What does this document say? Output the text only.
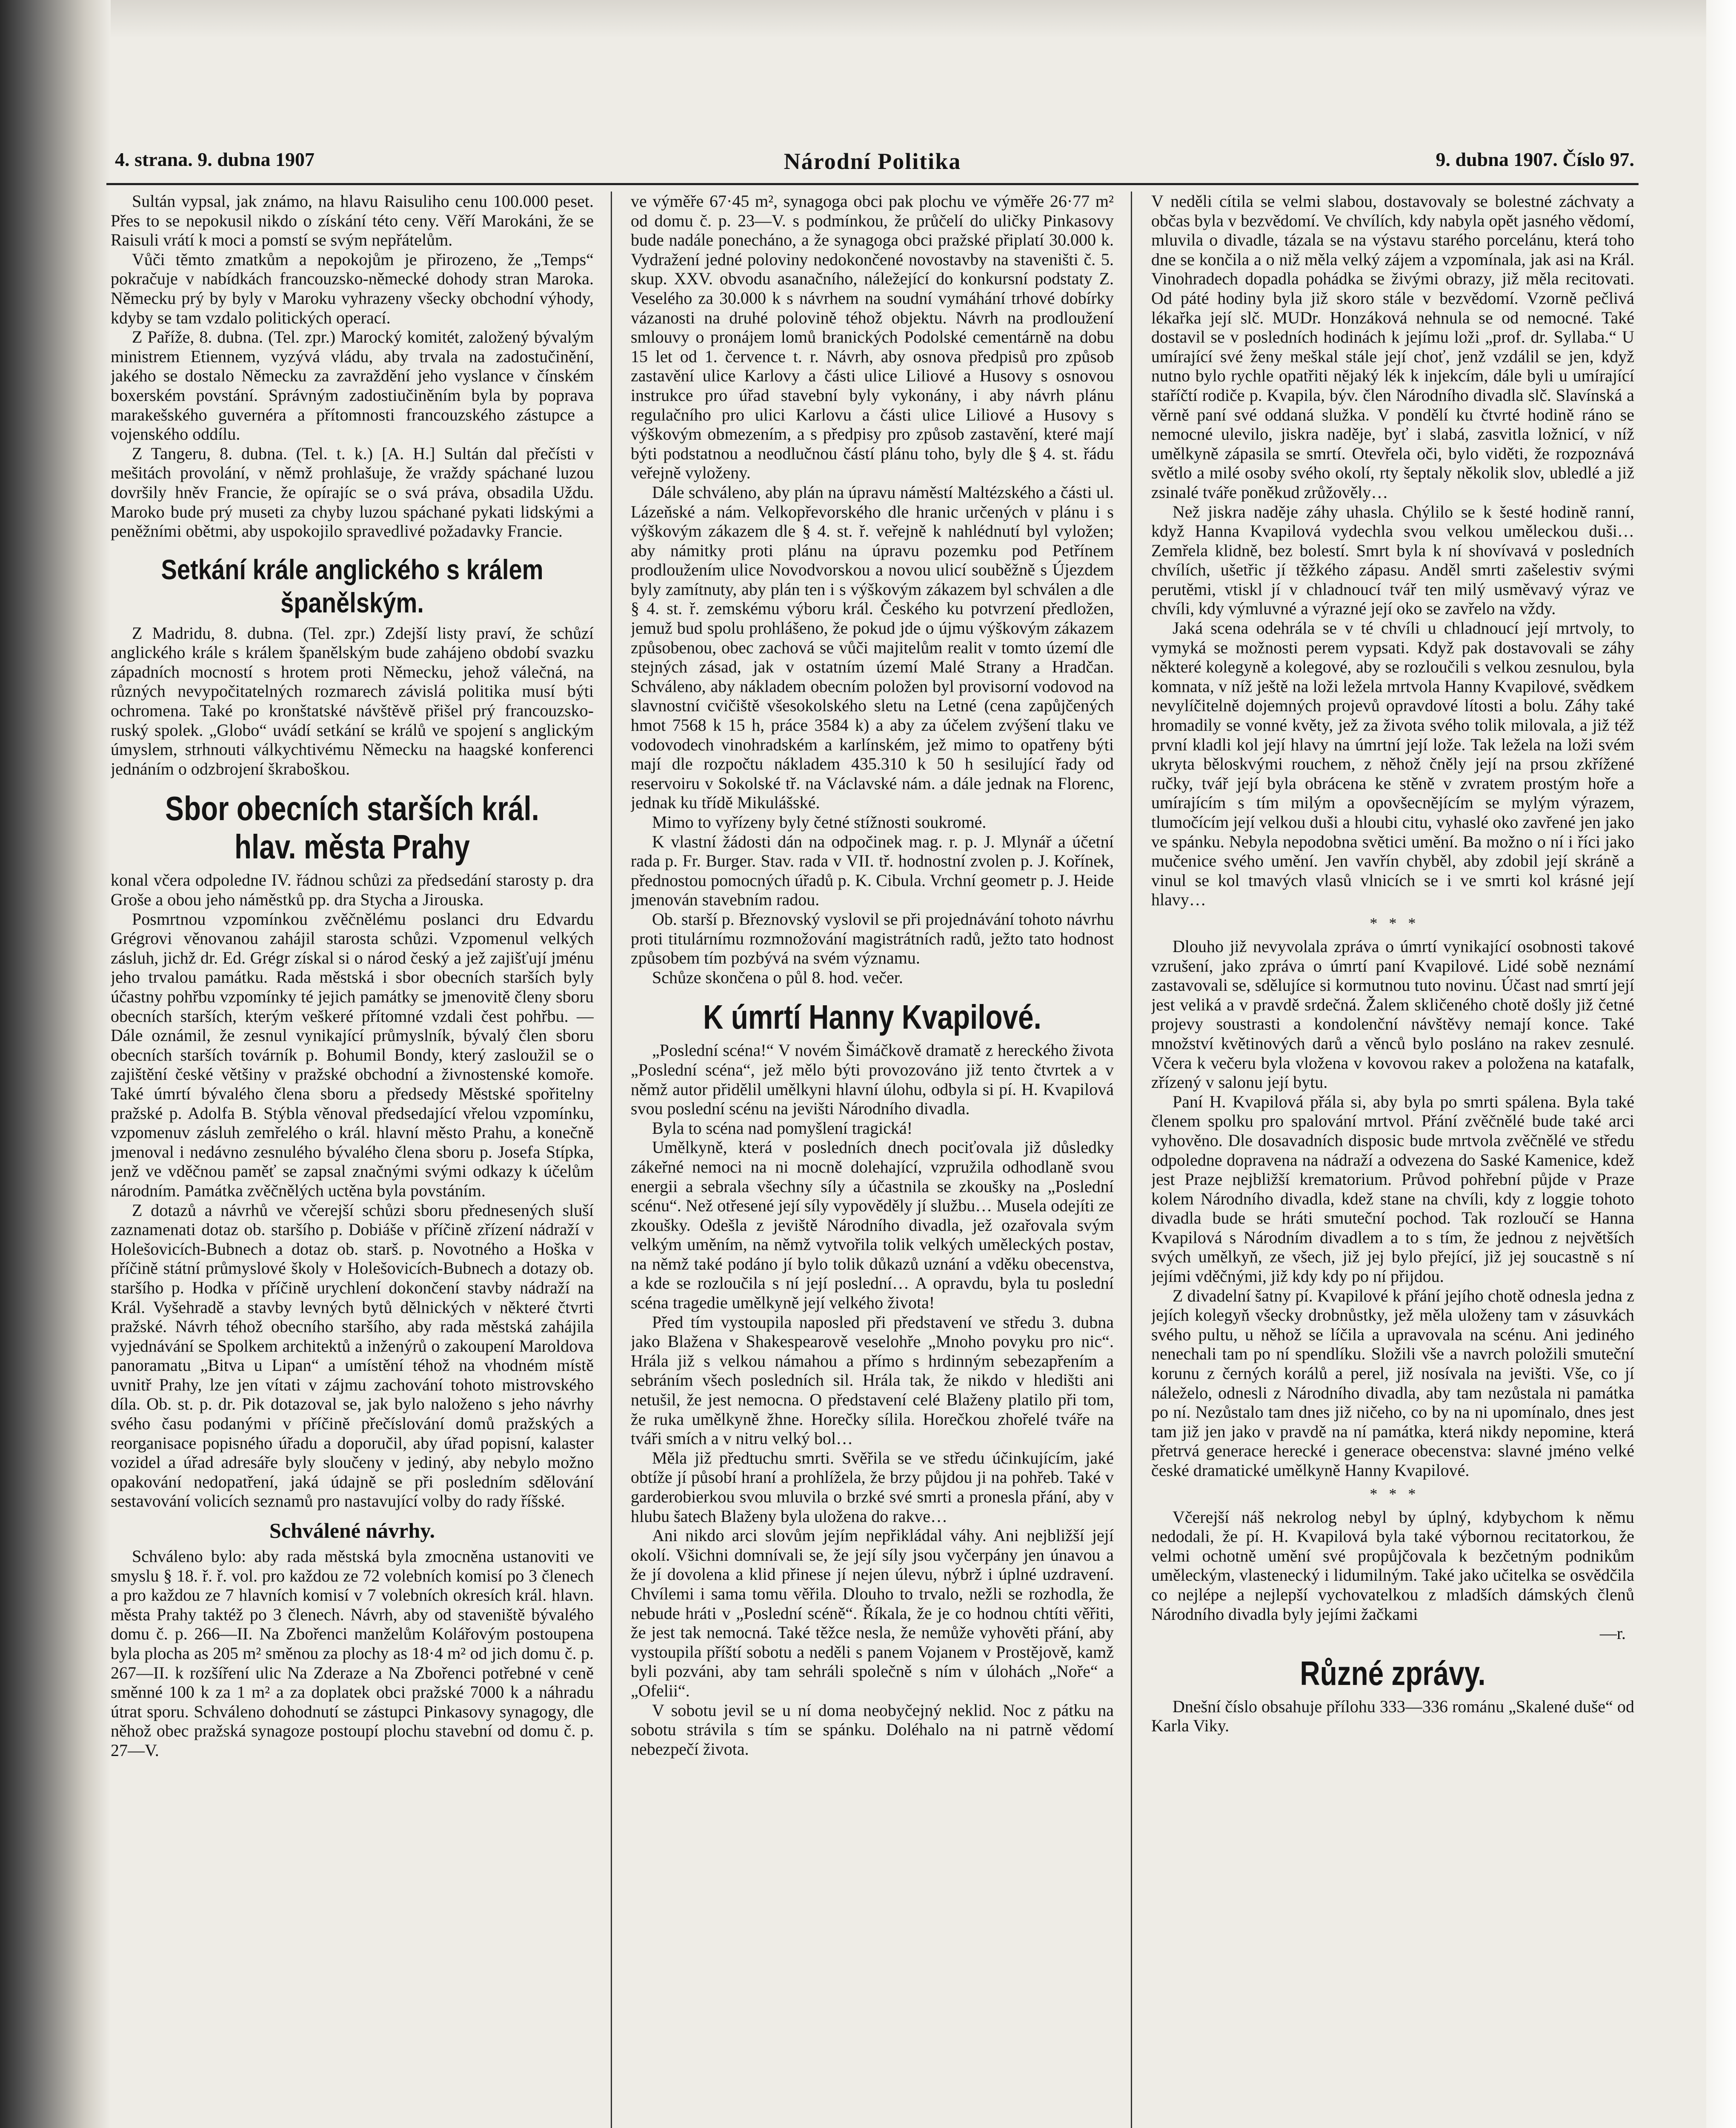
4. strana. 9. dubna 1907	Národní Politika	9. dubna 1907. Číslo 97.

Sultán vypsal, jak známo, na hlavu Raisuliho cenu 100.000 peset. Přes to se nepokusil nikdo o získání této ceny. Věří Marokáni, že se Raisuli vrátí k moci a pomstí se svým nepřátelům.

Vůči těmto zmatkům a nepokojům je přirozeno, že „Temps“ pokračuje v nabídkách francouzsko-německé dohody stran Maroka. Německu prý by byly v Maroku vyhrazeny všecky obchodní výhody, kdyby se tam vzdalo politických operací.

Z Paříže, 8. dubna. (Tel. zpr.) Marocký komitét, založený bývalým ministrem Etiennem, vyzývá vládu, aby trvala na zadostučinění, jakého se dostalo Německu za zavraždění jeho vyslance v čínském boxerském povstání. Správným zadostiučiněním byla by poprava marakešského guvernéra a přítomnosti francouzského zástupce a vojenského oddílu.

Z Tangeru, 8. dubna. (Tel. t. k.) [A. H.] Sultán dal přečísti v mešitách provolání, v němž prohlašuje, že vraždy spáchané luzou dovršily hněv Francie, že opírajíc se o svá práva, obsadila Uždu. Maroko bude prý museti za chyby luzou spáchané pykati lidskými a peněžními obětmi, aby uspokojilo spravedlivé požadavky Francie.

Setkání krále anglického s králem španělským.

Z Madridu, 8. dubna. (Tel. zpr.) Zdejší listy praví, že schůzí anglického krále s králem španělským bude zahájeno období svazku západních mocností s hrotem proti Německu, jehož válečná, na různých nevypočitatelných rozmarech závislá politika musí býti ochromena. Také po kronštatské návštěvě přišel prý francouzsko-ruský spolek. „Globo“ uvádí setkání se králů ve spojení s anglickým úmyslem, strhnouti válkychtivému Německu na haagské konferenci jednáním o odzbrojení škraboškou.

Sbor obecních starších král. hlav. města Prahy

konal včera odpoledne IV. řádnou schůzi za předsedání starosty p. dra Groše a obou jeho náměstků pp. dra Stycha a Jirouska.

Posmrtnou vzpomínkou zvěčnělému poslanci dru Edvardu Grégrovi věnovanou zahájil starosta schůzi. Vzpomenul velkých zásluh, jichž dr. Ed. Grégr získal si o národ český a jež zajišťují jménu jeho trvalou památku. Rada městská i sbor obecních starších byly účastny pohřbu vzpomínky té jejich památky se jmenovitě členy sboru obecních starších, kterým veškeré přítomné vzdali čest pohřbu. — Dále oznámil, že zesnul vynikající průmyslník, bývalý člen sboru obecních starších továrník p. Bohumil Bondy, který zasloužil se o zajištění české většiny v pražské obchodní a živnostenské komoře. Také úmrtí bývalého člena sboru a předsedy Městské spořitelny pražské p. Adolfa B. Stýbla věnoval předsedající vřelou vzpomínku, vzpomenuv zásluh zemřelého o král. hlavní město Prahu, a konečně jmenoval i nedávno zesnulého bývalého člena sboru p. Josefa Stípka, jenž ve vděčnou paměť se zapsal značnými svými odkazy k účelům národním. Památka zvěčnělých uctěna byla povstáním.

Z dotazů a návrhů ve včerejší schůzi sboru přednesených sluší zaznamenati dotaz ob. staršího p. Dobiáše v příčině zřízení nádraží v Holešovicích-Bubnech a dotaz ob. starš. p. Novotného a Hoška v příčině státní průmyslové školy v Holešovicích-Bubnech a dotazy ob. staršího p. Hodka v příčině urychlení dokončení stavby nádraží na Král. Vyšehradě a stavby levných bytů dělnických v některé čtvrti pražské. Návrh téhož obecního staršího, aby rada městská zahájila vyjednávání se Spolkem architektů a inženýrů o zakoupení Maroldova panoramatu „Bitva u Lipan“ a umístění téhož na vhodném místě uvnitř Prahy, lze jen vítati v zájmu zachování tohoto mistrovského díla. Ob. st. p. dr. Pik dotazoval se, jak bylo naloženo s jeho návrhy svého času podanými v příčině přečíslování domů pražských a reorganisace popisného úřadu a doporučil, aby úřad popisní, kalaster vozidel a úřad adresáře byly sloučeny v jediný, aby nebylo možno opakování nedopatření, jaká údajně se při posledním sdělování sestavování volicích seznamů pro nastavující volby do rady říšské.

Schválené návrhy.

Schváleno bylo: aby rada městská byla zmocněna ustanoviti ve smyslu § 18. ř. ř. vol. pro každou ze 72 volebních komisí po 3 členech a pro každou ze 7 hlavních komisí v 7 volebních okresích král. hlavn. města Prahy taktéž po 3 členech. Návrh, aby od staveniště bývalého domu č. p. 266—II. Na Zbořenci manželům Kolářovým postoupena byla plocha as 205 m² směnou za plochy as 18·4 m² od jich domu č. p. 267—II. k rozšíření ulic Na Zderaze a Na Zbořenci potřebné v ceně směnné 100 k za 1 m² a za doplatek obci pražské 7000 k a náhradu útrat sporu. Schváleno dohodnutí se zástupci Pinkasovy synagogy, dle něhož obec pražská synagoze postoupí plochu stavební od domu č. p. 27—V.

ve výměře 67·45 m², synagoga obci pak plochu ve výměře 26·77 m² od domu č. p. 23—V. s podmínkou, že průčelí do uličky Pinkasovy bude nadále ponecháno, a že synagoga obci pražské připlatí 30.000 k. Vydražení jedné poloviny nedokončené novostavby na staveništi č. 5. skup. XXV. obvodu asanačního, náležející do konkursní podstaty Z. Veselého za 30.000 k s návrhem na soudní vymáhání trhové dobírky vázanosti na druhé polovině téhož objektu. Návrh na prodloužení smlouvy o pronájem lomů branických Podolské cementárně na dobu 15 let od 1. července t. r. Návrh, aby osnova předpisů pro způsob zastavění ulice Karlovy a části ulice Liliové a Husovy s osnovou instrukce pro úřad stavební byly vykonány, i aby návrh plánu regulačního pro ulici Karlovu a části ulice Liliové a Husovy s výškovým obmezením, a s předpisy pro způsob zastavění, které mají býti podstatnou a neodlučnou částí plánu toho, byly dle § 4. st. řádu veřejně vyloženy.

Dále schváleno, aby plán na úpravu náměstí Maltézského a části ul. Lázeňské a nám. Velkopřevorského dle hranic určených v plánu i s výškovým zákazem dle § 4. st. ř. veřejně k nahlédnutí byl vyložen; aby námitky proti plánu na úpravu pozemku pod Petřínem prodloužením ulice Novodvorskou a novou ulicí souběžně s Újezdem byly zamítnuty, aby plán ten i s výškovým zákazem byl schválen a dle § 4. st. ř. zemskému výboru král. Českého ku potvrzení předložen, jemuž bud spolu prohlášeno, že pokud jde o újmu výškovým zákazem způsobenou, obec zachová se vůči majitelům realit v tomto území dle stejných zásad, jak v ostatním území Malé Strany a Hradčan. Schváleno, aby nákladem obecním položen byl provisorní vodovod na slavnostní cvičiště všesokolského sletu na Letné (cena zapůjčených hmot 7568 k 15 h, práce 3584 k) a aby za účelem zvýšení tlaku ve vodovodech vinohradském a karlínském, jež mimo to opatřeny býti mají dle rozpočtu nákladem 435.310 k 50 h sesilující řady od reservoiru v Sokolské tř. na Václavské nám. a dále jednak na Florenc, jednak ku třídě Mikulášské.

Mimo to vyřízeny byly četné stížnosti soukromé.

K vlastní žádosti dán na odpočinek mag. r. p. J. Mlynář a účetní rada p. Fr. Burger. Stav. rada v VII. tř. hodnostní zvolen p. J. Kořínek, přednostou pomocných úřadů p. K. Cibula. Vrchní geometr p. J. Heide jmenován stavebním radou.

Ob. starší p. Březnovský vyslovil se při projednávání tohoto návrhu proti titulárnímu rozmnožování magistrátních radů, ježto tato hodnost způsobem tím pozbývá na svém významu.

Schůze skončena o půl 8. hod. večer.

K úmrtí Hanny Kvapilové.

„Poslední scéna!“ V novém Šimáčkově dramatě z hereckého života „Poslední scéna“, jež mělo býti provozováno již tento čtvrtek a v němž autor přidělil umělkyni hlavní úlohu, odbyla si pí. H. Kvapilová svou poslední scénu na jevišti Národního divadla.

Byla to scéna nad pomyšlení tragická!

Umělkyně, která v posledních dnech pociťovala již důsledky zákeřné nemoci na ni mocně dolehající, vzpružila odhodlaně svou energii a sebrala všechny síly a účastnila se zkoušky na „Poslední scénu“. Než otřesené její síly vypověděly jí službu… Musela odejíti ze zkoušky. Odešla z jeviště Národního divadla, jež ozařovala svým velkým uměním, na němž vytvořila tolik velkých uměleckých postav, na němž také podáno jí bylo tolik důkazů uznání a vděku obecenstva, a kde se rozloučila s ní její poslední… A opravdu, byla tu poslední scéna tragedie umělkyně její velkého života!

Před tím vystoupila naposled při představení ve středu 3. dubna jako Blažena v Shakespearově veselohře „Mnoho povyku pro nic“. Hrála již s velkou námahou a přímo s hrdinným sebezapřením a sebráním všech posledních sil. Hrála tak, že nikdo v hledišti ani netušil, že jest nemocna. O představení celé Blaženy platilo při tom, že ruka umělkyně žhne. Horečky sílila. Horečkou zhořelé tváře na tváři smích a v nitru velký bol…

Měla již předtuchu smrti. Svěřila se ve středu účinkujícím, jaké obtíže jí působí hraní a prohlížela, že brzy půjdou ji na pohřeb. Také v garderobierkou svou mluvila o brzké své smrti a pronesla přání, aby v hlubu šatech Blaženy byla uložena do rakve…

Ani nikdo arci slovům jejím nepřikládal váhy. Ani nejbližší její okolí. Všichni domnívali se, že její síly jsou vyčerpány jen únavou a že jí dovolena a klid přinese jí nejen úlevu, nýbrž i úplné uzdravení. Chvílemi i sama tomu věřila. Dlouho to trvalo, nežli se rozhodla, že nebude hráti v „Poslední scéně“. Říkala, že je co hodnou chtíti věřiti, že jest tak nemocná. Také těžce nesla, že nemůže vyhověti přání, aby vystoupila příští sobotu a neděli s panem Vojanem v Prostějově, kamž byli pozváni, aby tam sehráli společně s ním v úlohách „Noře“ a „Ofelii“.

V sobotu jevil se u ní doma neobyčejný neklid. Noc z pátku na sobotu strávila s tím se spánku. Doléhalo na ni patrně vědomí nebezpečí života.

V neděli cítila se velmi slabou, dostavovaly se bolestné záchvaty a občas byla v bezvědomí. Ve chvílích, kdy nabyla opět jasného vědomí, mluvila o divadle, tázala se na výstavu starého porcelánu, která toho dne se končila a o niž měla velký zájem a vzpomínala, jak asi na Král. Vinohradech dopadla pohádka se živými obrazy, již měla recitovati. Od páté hodiny byla již skoro stále v bezvědomí. Vzorně pečlivá lékařka její slč. MUDr. Honzáková nehnula se od nemocné. Také dostavil se v posledních hodinách k jejímu loži „prof. dr. Syllaba.“ U umírající své ženy meškal stále její choť, jenž vzdálil se jen, když nutno bylo rychle opatřiti nějaký lék k injekcím, dále byli u umírající staříčtí rodiče p. Kvapila, býv. člen Národního divadla slč. Slavínská a věrně paní své oddaná služka. V pondělí ku čtvrté hodině ráno se nemocné ulevilo, jiskra naděje, byť i slabá, zasvitla ložnicí, v níž umělkyně zápasila se smrtí. Otevřela oči, bylo viděti, že rozpoznává světlo a milé osoby svého okolí, rty šeptaly několik slov, ubledlé a již zsinalé tváře poněkud zrůžověly…

Než jiskra naděje záhy uhasla. Chýlilo se k šesté hodině ranní, když Hanna Kvapilová vydechla svou velkou uměleckou duši… Zemřela klidně, bez bolestí. Smrt byla k ní shovívavá v posledních chvílích, ušetřic jí těžkého zápasu. Anděl smrti zašelestiv svými perutěmi, vtiskl jí v chladnoucí tvář ten milý usměvavý výraz ve chvíli, kdy výmluvné a výrazné její oko se zavřelo na vždy.

Jaká scena odehrála se v té chvíli u chladnoucí její mrtvoly, to vymyká se možnosti perem vypsati. Když pak dostavovali se záhy některé kolegyně a kolegové, aby se rozloučili s velkou zesnulou, byla komnata, v níž ještě na loži ležela mrtvola Hanny Kvapilové, svědkem nevylíčitelně dojemných projevů opravdové lítosti a bolu. Záhy také hromadily se vonné květy, jež za života svého tolik milovala, a již též první kladli kol její hlavy na úmrtní její lože. Tak ležela na loži svém ukryta běloskvými rouchem, z něhož čněly její na prsou zkřížené ručky, tvář její byla obrácena ke stěně v zvratem prostým hoře a umírajícím s tím milým a opovšecnějícím se mylým výrazem, tlumočícím její velkou duši a hloubi citu, vyhaslé oko zavřené jen jako ve spánku. Nebyla nepodobna světici umění. Ba možno o ní i říci jako mučenice svého umění. Jen vavřín chyběl, aby zdobil její skráně a vinul se kol tmavých vlasů vlnicích se i ve smrti kol krásné její hlavy…

*   *   *

Dlouho již nevyvolala zpráva o úmrtí vynikající osobnosti takové vzrušení, jako zpráva o úmrtí paní Kvapilové. Lidé sobě neznámí zastavovali se, sdělujíce si kormutnou tuto novinu. Účast nad smrtí její jest veliká a v pravdě srdečná. Žalem skličeného chotě došly již četné projevy soustrasti a kondolenční návštěvy nemají konce. Také množství květinových darů a věnců bylo posláno na rakev zesnulé. Včera k večeru byla vložena v kovovou rakev a položena na katafalk, zřízený v salonu její bytu.

Paní H. Kvapilová přála si, aby byla po smrti spálena. Byla také členem spolku pro spalování mrtvol. Přání zvěčnělé bude také arci vyhověno. Dle dosavadních disposic bude mrtvola zvěčnělé ve středu odpoledne dopravena na nádraží a odvezena do Saské Kamenice, kdež jest Praze nejbližší krematorium. Průvod pohřební půjde v Praze kolem Národního divadla, kdež stane na chvíli, kdy z loggie tohoto divadla bude se hráti smuteční pochod. Tak rozloučí se Hanna Kvapilová s Národním divadlem a to s tím, že jednou z největších svých umělkyň, ze všech, již jej bylo přející, již jej soucastně s ní jejími vděčnými, již kdy kdy po ní přijdou.

Z divadelní šatny pí. Kvapilové k přání jejího chotě odnesla jedna z jejích kolegyň všecky drobnůstky, jež měla uloženy tam v zásuvkách svého pultu, u něhož se líčila a upravovala na scénu. Ani jediného nenechali tam po ní spendlíku. Složili vše a navrch položili smuteční korunu z černých korálů a perel, již nosívala na jevišti. Vše, co jí náleželo, odnesli z Národního divadla, aby tam nezůstala ni památka po ní. Nezůstalo tam dnes již ničeho, co by na ni upomínalo, dnes jest tam již jen jako v pravdě na ní památka, která nikdy nepomine, která přetrvá generace herecké i generace obecenstva: slavné jméno velké české dramatické umělkyně Hanny Kvapilové.

*   *   *

Včerejší náš nekrolog nebyl by úplný, kdybychom k němu nedodali, že pí. H. Kvapilová byla také výbornou recitatorkou, že velmi ochotně umění své propůjčovala k bezčetným podnikům uměleckým, vlastenecký i lidumilným. Také jako učitelka se osvědčila co nejlépe a nejlepší vychovatelkou z mladších dámských členů Národního divadla byly jejími žačkami

—r.
Různé zprávy.

Dnešní číslo obsahuje přílohu 333—336 románu „Skalené duše“ od Karla Viky.
